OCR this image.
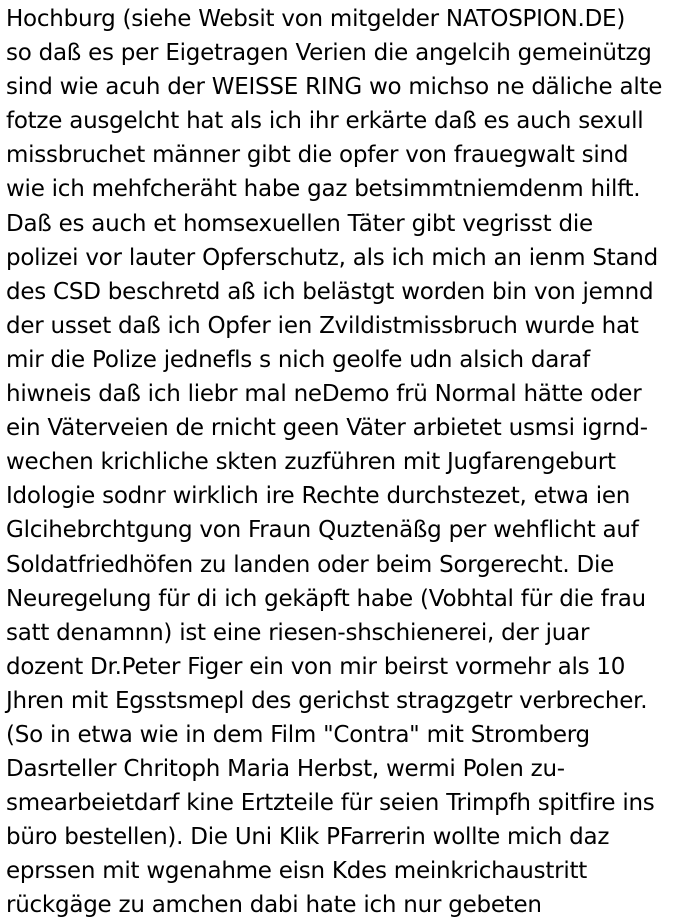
Hochburg (siehe Websit von mitgelder NATOSPION.DE)
so daß es per Eigetragen Verien die angelcih gemeinützg
sind wie acuh der WEISSE RING wo michso ne däliche alte
fotze ausgelcht hat als ich ihr erkärte daß es auch sexull
missbruchet männer gibt die opfer von frauegwalt sind
wie ich mehfcheräht habe gaz betsimmtniemdenm hilft.
Daß es auch et homsexuellen Täter gibt vegrisst die
polizei vor lauter Opferschutz, als ich mich an ienm Stand
des CSD beschretd aß ich belästgt worden bin von jemnd
der usset daß ich Opfer ien Zvildistmissbruch wurde hat
mir die Polize jednefls s nich geolfe udn alsich daraf
hiwneis daß ich liebr mal neDemo frü Normal hätte oder
ein Väterveien de rnicht geen Väter arbietet usmsi igrnd-
wechen krichliche skten zuzführen mit Jugfarengeburt
Idologie sodnr wirklich ire Rechte durchstezet, etwa ien
Glcihebrchtgung von Fraun Quztenäßg per wehflicht auf
Soldatfriedhöfen zu landen oder beim Sorgerecht. Die
Neuregelung für di ich gekäpft habe (Vobhtal für die frau
satt denamnn) ist eine riesen-shschienerei, der juar
dozent Dr.Peter Figer ein von mir beirst vormehr als 10
Jhren mit Egsstsmepl des gerichst stragzgetr verbrecher.
(So in etwa wie in dem Film "Contra" mit Stromberg
Dasrteller Chritoph Maria Herbst, wermi Polen zu-
smearbeietdarf kine Ertzteile für seien Trimpfh spitfire ins
büro bestellen). Die Uni Klik PFarrerin wollte mich daz
eprssen mit wgenahme eisn Kdes meinkrichaustritt
rückgäge zu amchen dabi hate ich nur gebeten
